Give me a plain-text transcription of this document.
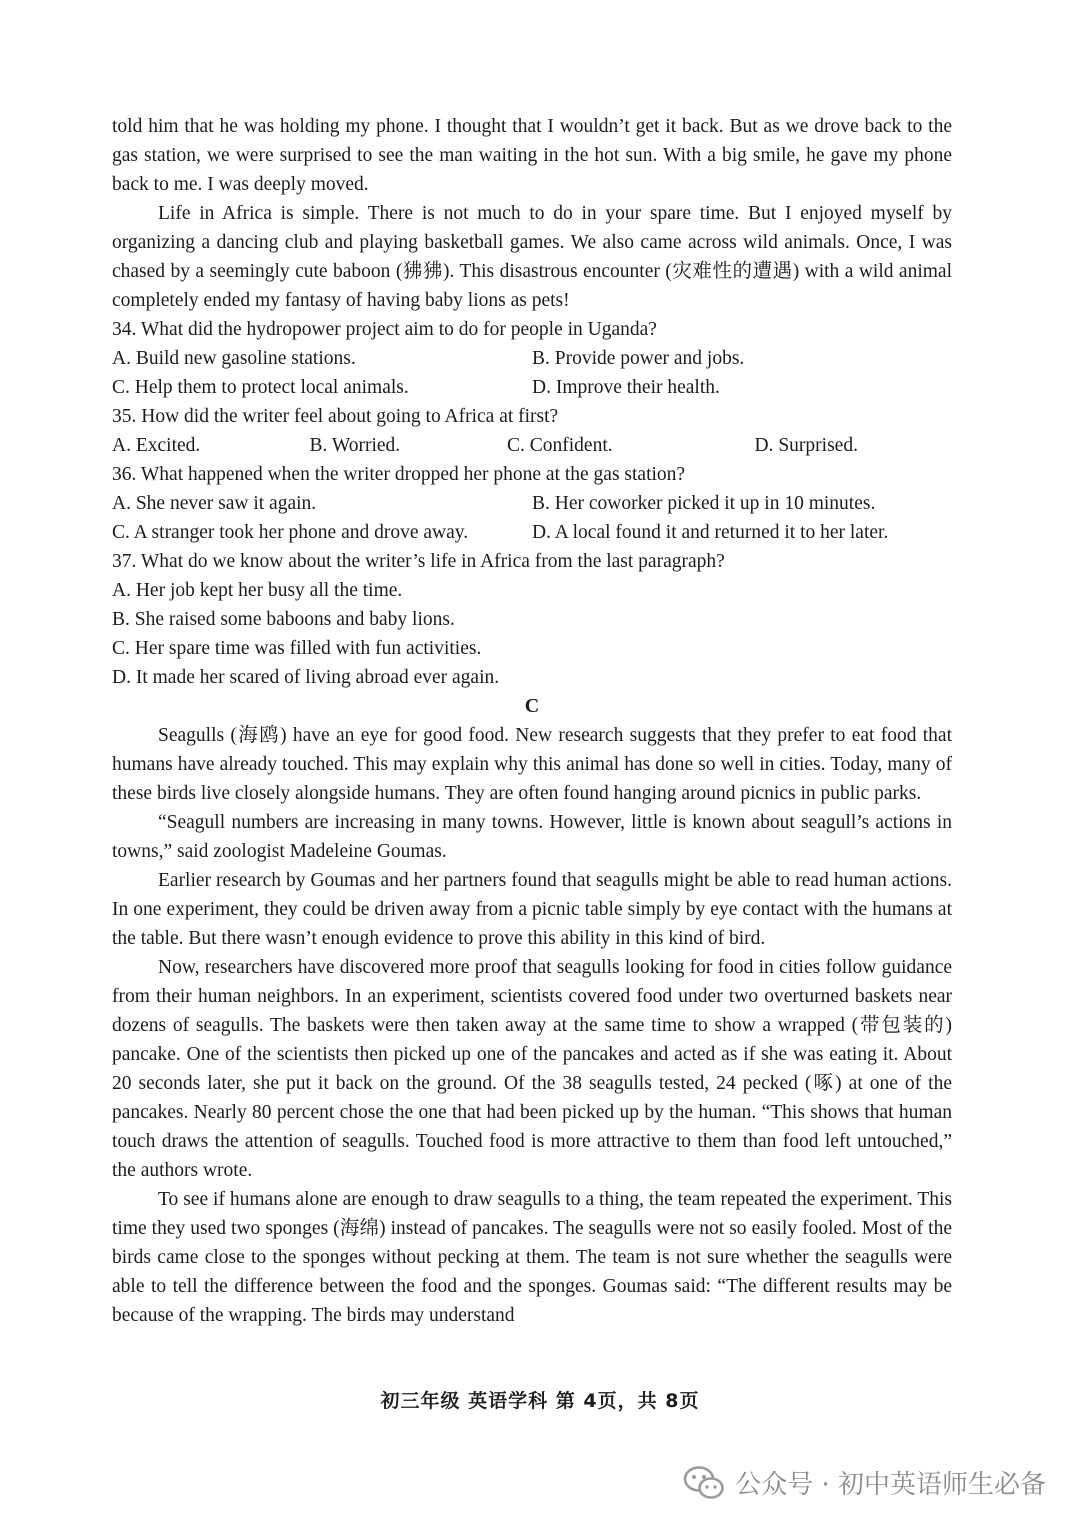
told him that he was holding my phone. I thought that I wouldn’t get it back. But as we drove back to the gas station, we were surprised to see the man waiting in the hot sun. With a big smile, he gave my phone back to me. I was deeply moved.

Life in Africa is simple. There is not much to do in your spare time. But I enjoyed myself by organizing a dancing club and playing basketball games. We also came across wild animals. Once, I was chased by a seemingly cute baboon (狒狒). This disastrous encounter (灾难性的遭遇) with a wild animal completely ended my fantasy of having baby lions as pets!

34. What did the hydropower project aim to do for people in Uganda?

A. Build new gasoline stations.	B. Provide power and jobs.
C. Help them to protect local animals.	D. Improve their health.

35. How did the writer feel about going to Africa at first?

A. Excited.	B. Worried.	C. Confident.	D. Surprised.

36. What happened when the writer dropped her phone at the gas station?

A. She never saw it again.	B. Her coworker picked it up in 10 minutes.
C. A stranger took her phone and drove away.	D. A local found it and returned it to her later.

37. What do we know about the writer’s life in Africa from the last paragraph?

A. Her job kept her busy all the time.

B. She raised some baboons and baby lions.

C. Her spare time was filled with fun activities.

D. It made her scared of living abroad ever again.

C

Seagulls (海鸥) have an eye for good food. New research suggests that they prefer to eat food that humans have already touched. This may explain why this animal has done so well in cities. Today, many of these birds live closely alongside humans. They are often found hanging around picnics in public parks.

“Seagull numbers are increasing in many towns. However, little is known about seagull’s actions in towns,” said zoologist Madeleine Goumas.

Earlier research by Goumas and her partners found that seagulls might be able to read human actions. In one experiment, they could be driven away from a picnic table simply by eye contact with the humans at the table. But there wasn’t enough evidence to prove this ability in this kind of bird.

Now, researchers have discovered more proof that seagulls looking for food in cities follow guidance from their human neighbors. In an experiment, scientists covered food under two overturned baskets near dozens of seagulls. The baskets were then taken away at the same time to show a wrapped (带包装的) pancake. One of the scientists then picked up one of the pancakes and acted as if she was eating it. About 20 seconds later, she put it back on the ground. Of the 38 seagulls tested, 24 pecked (啄) at one of the pancakes. Nearly 80 percent chose the one that had been picked up by the human. “This shows that human touch draws the attention of seagulls. Touched food is more attractive to them than food left untouched,” the authors wrote.

To see if humans alone are enough to draw seagulls to a thing, the team repeated the experiment. This time they used two sponges (海绵) instead of pancakes. The seagulls were not so easily fooled. Most of the birds came close to the sponges without pecking at them. The team is not sure whether the seagulls were able to tell the difference between the food and the sponges. Goumas said: “The different results may be because of the wrapping. The birds may understand

初三年级 英语学科 第 4页，共 8页
公众号 · 初中英语师生必备
